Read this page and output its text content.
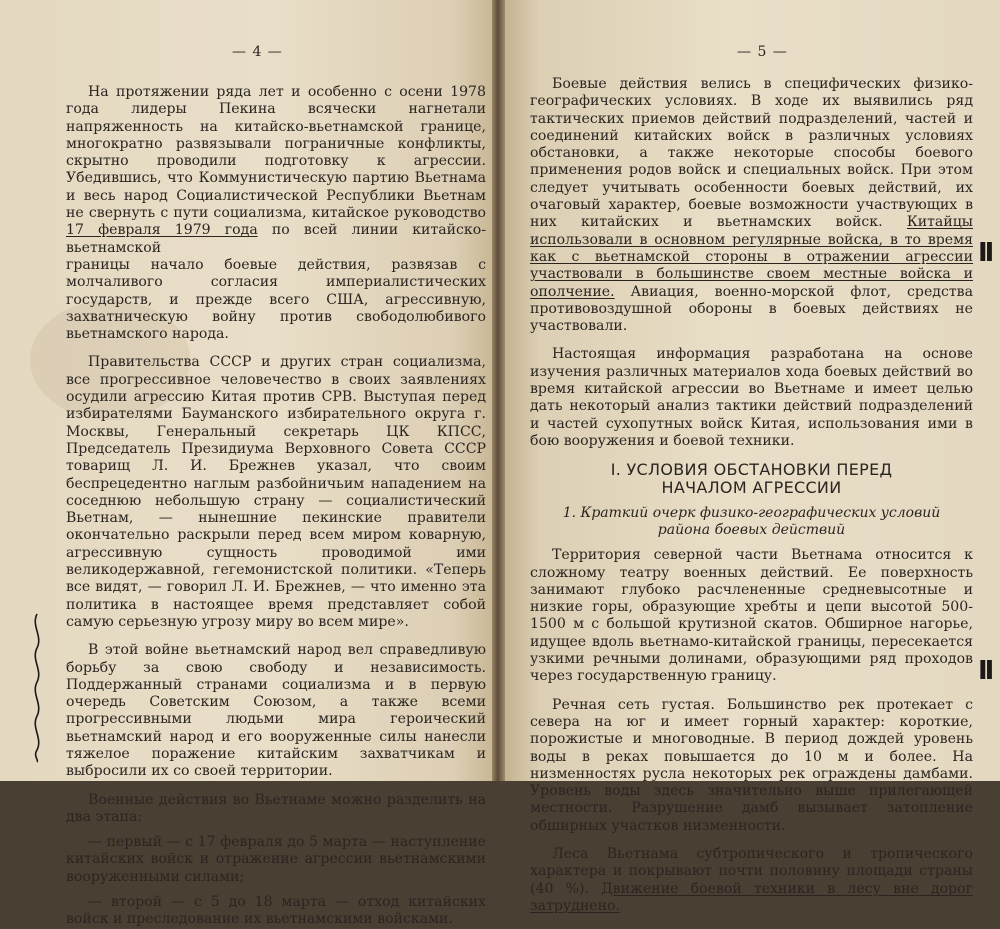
— 4 —

На протяжении ряда лет и особенно с осени 1978 года лидеры Пекина всячески нагнетали напряженность на китайско-вьетнамской границе, многократно развязывали пограничные конфликты, скрытно проводили подготовку к агрессии. Убедившись, что Коммунистическую партию Вьетнама и весь народ Социалистической Республики Вьетнам не свернуть с пути социализма, китайское руководство 17 февраля 1979 года по всей линии китайско-вьетнамской

границы начало боевые действия, развязав с молчаливого согласия империалистических государств, и прежде всего США, агрессивную, захватническую войну против свободолюбивого вьетнамского народа.

Правительства СССР и других стран социализма, все прогрессивное человечество в своих заявлениях осудили агрессию Китая против СРВ. Выступая перед избирателями Бауманского избирательного округа г. Москвы, Генеральный секретарь ЦК КПСС, Председатель Президиума Верховного Совета СССР товарищ Л. И. Брежнев указал, что своим беспрецедентно наглым разбойничьим нападением на соседнюю небольшую страну — социалистический Вьетнам, — нынешние пекинские правители окончательно раскрыли перед всем миром коварную, агрессивную сущность проводимой ими великодержавной, гегемонистской политики. «Теперь все видят, — говорил Л. И. Брежнев, — что именно эта политика в настоящее время представляет собой самую серьезную угрозу миру во всем мире».

В этой войне вьетнамский народ вел справедливую борьбу за свою свободу и независимость. Поддержанный странами социализма и в первую очередь Советским Союзом, а также всеми прогрессивными людьми мира героический вьетнамский народ и его вооруженные силы нанесли тяжелое поражение китайским захватчикам и выбросили их со своей территории.

Военные действия во Вьетнаме можно разделить на два этапа:

— первый — с 17 февраля до 5 марта — наступление китайских войск и отражение агрессии вьетнамскими вооруженными силами;

— второй — с 5 до 18 марта — отход китайских войск и преследование их вьетнамскими войсками.

— 5 —

Боевые действия велись в специфических физико-географических условиях. В ходе их выявились ряд тактических приемов действий подразделений, частей и соединений китайских войск в различных условиях обстановки, а также некоторые способы боевого применения родов войск и специальных войск. При этом следует учитывать особенности боевых действий, их очаговый характер, боевые возможности участвующих в них китайских и вьетнамских войск. Китайцы использовали в основном регулярные войска, в то время как с вьетнамской стороны в отражении агрессии участвовали в большинстве своем местные войска и ополчение. Авиация, военно-морской флот, средства противовоздушной обороны в боевых действиях не участвовали.

Настоящая информация разработана на основе изучения различных материалов хода боевых действий во время китайской агрессии во Вьетнаме и имеет целью дать некоторый анализ тактики действий подразделений и частей сухопутных войск Китая, использования ими в бою вооружения и боевой техники.

I. УСЛОВИЯ ОБСТАНОВКИ ПЕРЕД
НАЧАЛОМ АГРЕССИИ
1. Краткий очерк физико-географических условий
района боевых действий

Территория северной части Вьетнама относится к сложному театру военных действий. Ее поверхность занимают глубоко расчлененные средневысотные и низкие горы, образующие хребты и цепи высотой 500-1500 м с большой крутизной скатов. Обширное нагорье, идущее вдоль вьетнамо-китайской границы, пересекается узкими речными долинами, образующими ряд проходов через государственную границу.

Речная сеть густая. Большинство рек протекает с севера на юг и имеет горный характер: короткие, порожистые и многоводные. В период дождей уровень воды в реках повышается до 10 м и более. На низменностях русла некоторых рек ограждены дамбами. Уровень воды здесь значительно выше прилегающей местности. Разрушение дамб вызывает затопление обширных участков низменности.

Леса Вьетнама субтропического и тропического характера и покрывают почти половину площади страны (40 %). Движение боевой техники в лесу вне дорог затруднено.

II
II
